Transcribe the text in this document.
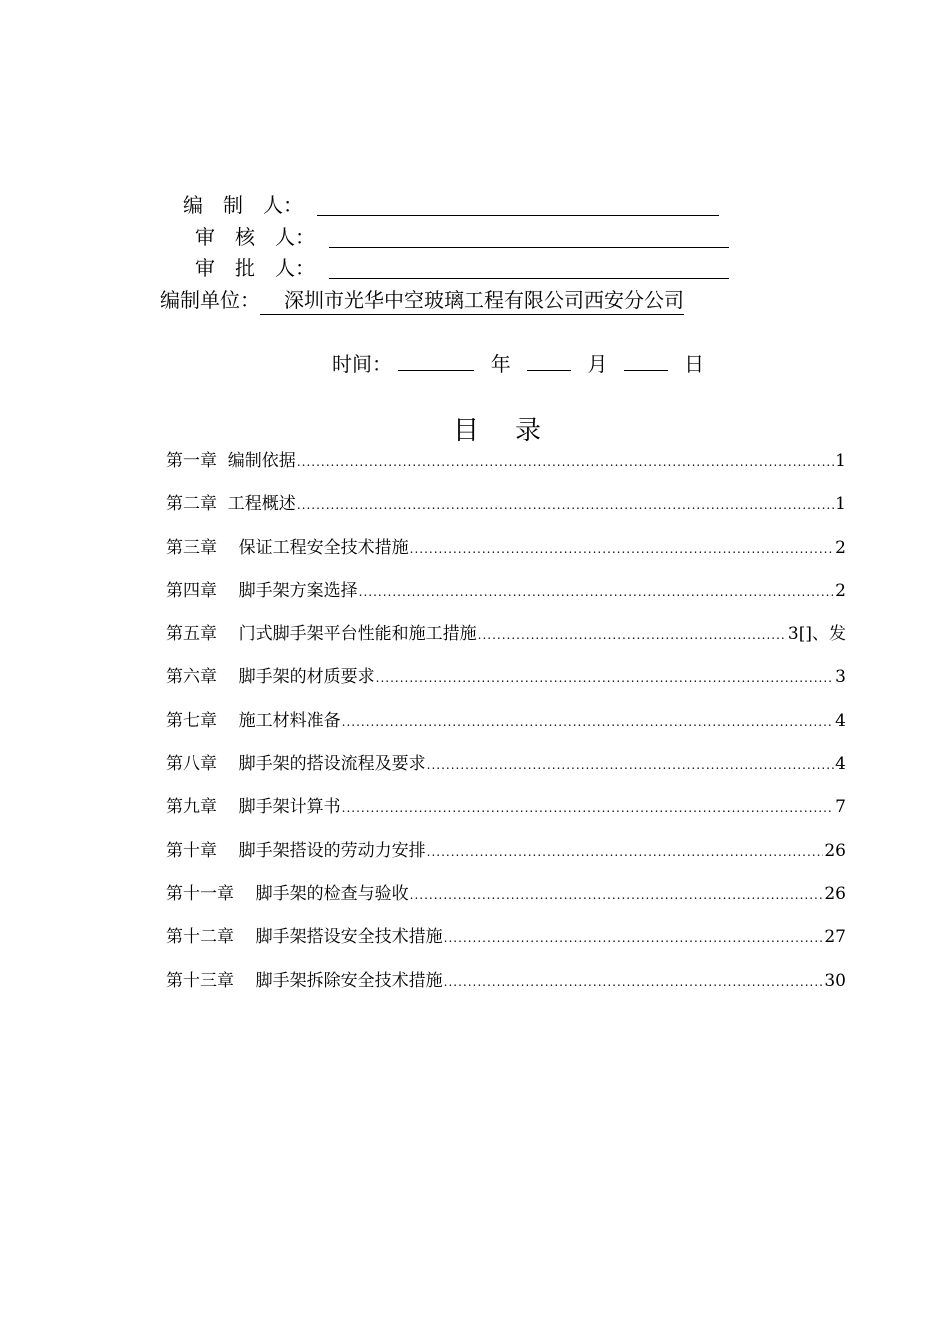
编　制　人：
审　核　人：
审　批　人：
编制单位： 深圳市光华中空玻璃工程有限公司西安分公司
时间：	年	月	日
目录
第一章  编制依据 .....	1
第二章  工程概述 .....	1
第三章    保证工程安全技术措施 .....	2
第四章    脚手架方案选择 .....	2
第五章    门式脚手架平台性能和施工措施 .....	3[]、发
第六章    脚手架的材质要求 .....	3
第七章    施工材料准备 .....	4
第八章    脚手架的搭设流程及要求 .....	4
第九章    脚手架计算书 .....	7
第十章    脚手架搭设的劳动力安排 .....	26
第十一章    脚手架的检查与验收 .....	26
第十二章    脚手架搭设安全技术措施 .....	27
第十三章    脚手架拆除安全技术措施 .....	30
